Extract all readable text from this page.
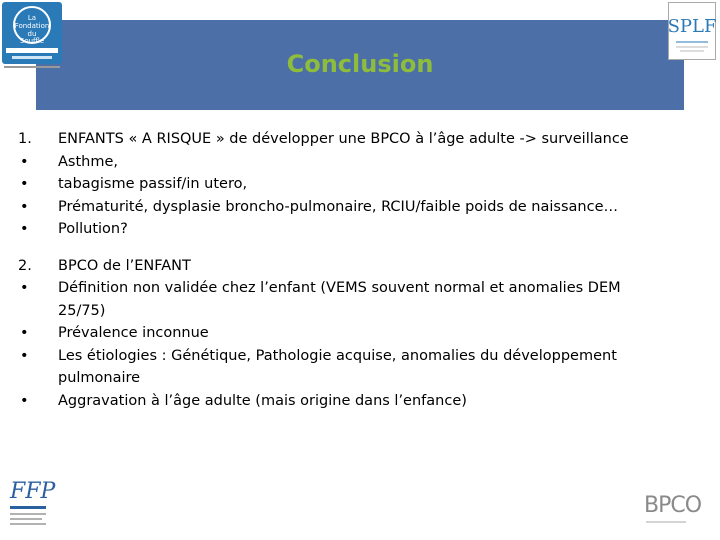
Conclusion
La
Fondation
du
Souffle
SPLF
1.	ENFANTS « A RISQUE » de développer une BPCO à l’âge adulte -> surveillance
•	Asthme,
•	tabagisme passif/in utero,
•	Prématurité, dysplasie broncho-pulmonaire, RCIU/faible poids de naissance…
•	Pollution?
2.	BPCO de l’ENFANT
•	Définition non validée chez l’enfant (VEMS souvent normal et anomalies DEM 25/75)
•	Prévalence inconnue
•	Les étiologies : Génétique, Pathologie acquise, anomalies du développement pulmonaire
•	Aggravation à l’âge adulte (mais origine dans l’enfance)
FFP
BPCO
